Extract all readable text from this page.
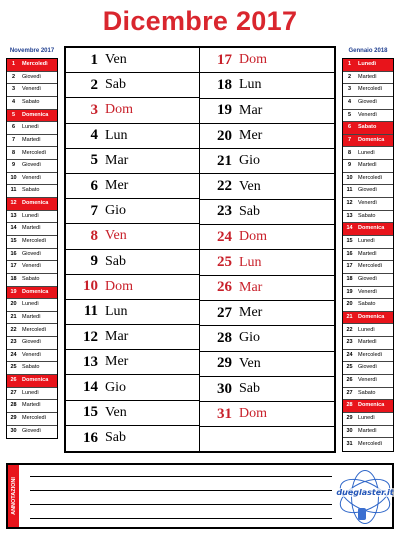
Dicembre 2017
Novembre 2017
1	Mercoledì
2	Giovedì
3	Venerdì
4	Sabato
5	Domenica
6	Lunedì
7	Martedì
8	Mercoledì
9	Giovedì
10 Venerdì
11	Sabato
12 Domenica
13 Lunedì
14 Martedì
15 Mercoledì
16 Giovedì
17 Venerdì
18 Sabato
19 Domenica
20 Lunedì
21 Martedì
22 Mercoledì
23 Giovedì
24 Venerdì
25 Sabato
26 Domenica
27 Lunedì
28 Martedì
29 Mercoledì
30 Giovedì
Gennaio 2018
1	Lunedì
2	Martedì
3	Mercoledì
4	Giovedì
5	Venerdì
6	Sabato
7	Domenica
8	Lunedì
9	Martedì
10 Mercoledì
11	Giovedì
12 Venerdì
13 Sabato
14 Domenica
15 Lunedì
16 Martedì
17 Mercoledì
18 Giovedì
19 Venerdì
20 Sabato
21 Domenica
22 Lunedì
23 Martedì
24 Mercoledì
25 Giovedì
26 Venerdì
27 Sabato
28 Domenica
29 Lunedì
30 Martedì
31 Mercoledì
1 Ven
2 Sab
3 Dom
4 Lun
5 Mar
6 Mer
7 Gio
8 Ven
9 Sab
10 Dom
11 Lun
12 Mar
13 Mer
14 Gio
15 Ven
16 Sab
17 Dom
18 Lun
19 Mar
20 Mer
21 Gio
22 Ven
23 Sab
24 Dom
25 Lun
26 Mar
27 Mer
28 Gio
29 Ven
30 Sab
31 Dom
ANNOTAZIONI	dueglaster.it
